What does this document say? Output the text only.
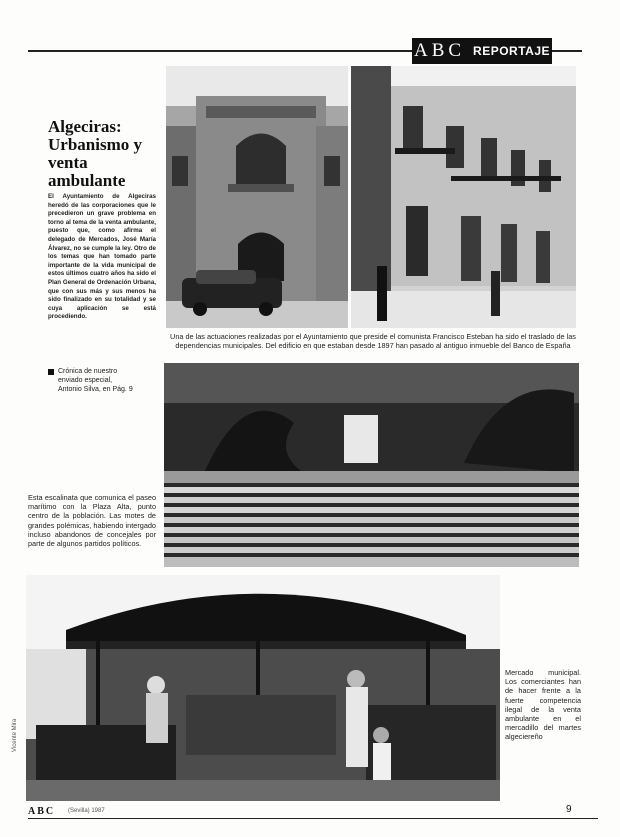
ABC REPORTAJE
Algeciras: Urbanismo y venta ambulante
El Ayuntamiento de Algeciras heredó de las corporaciones que le precedieron un grave problema en torno al tema de la venta ambulante, puesto que, como afirma el delegado de Mercados, José María Álvarez, no se cumple la ley. Otro de los temas que han tomado parte importante de la vida municipal de estos últimos cuatro años ha sido el Plan General de Ordenación Urbana, que con sus más y sus menos ha sido finalizado en su totalidad y se cuya aplicación se está procediendo.
Crónica de nuestro enviado especial, Antonio Silva, en Pág. 9
Una de las actuaciones realizadas por el Ayuntamiento que preside el comunista Francisco Esteban ha sido el traslado de las dependencias municipales. Del edificio en que estaban desde 1897 han pasado al antiguo inmueble del Banco de España
Esta escalinata que comunica el paseo marítimo con la Plaza Alta, punto centro de la población. Las motes de grandes polémicas, habiendo intergado incluso abandonos de concejales por parte de algunos partidos políticos.
Mercado municipal. Los comerciantes han de hacer frente a la fuerte competencia ilegal de la venta ambulante en el mercadillo del martes algeciereño
Vicente Mira
ABC (Sevilla) 1987	9
